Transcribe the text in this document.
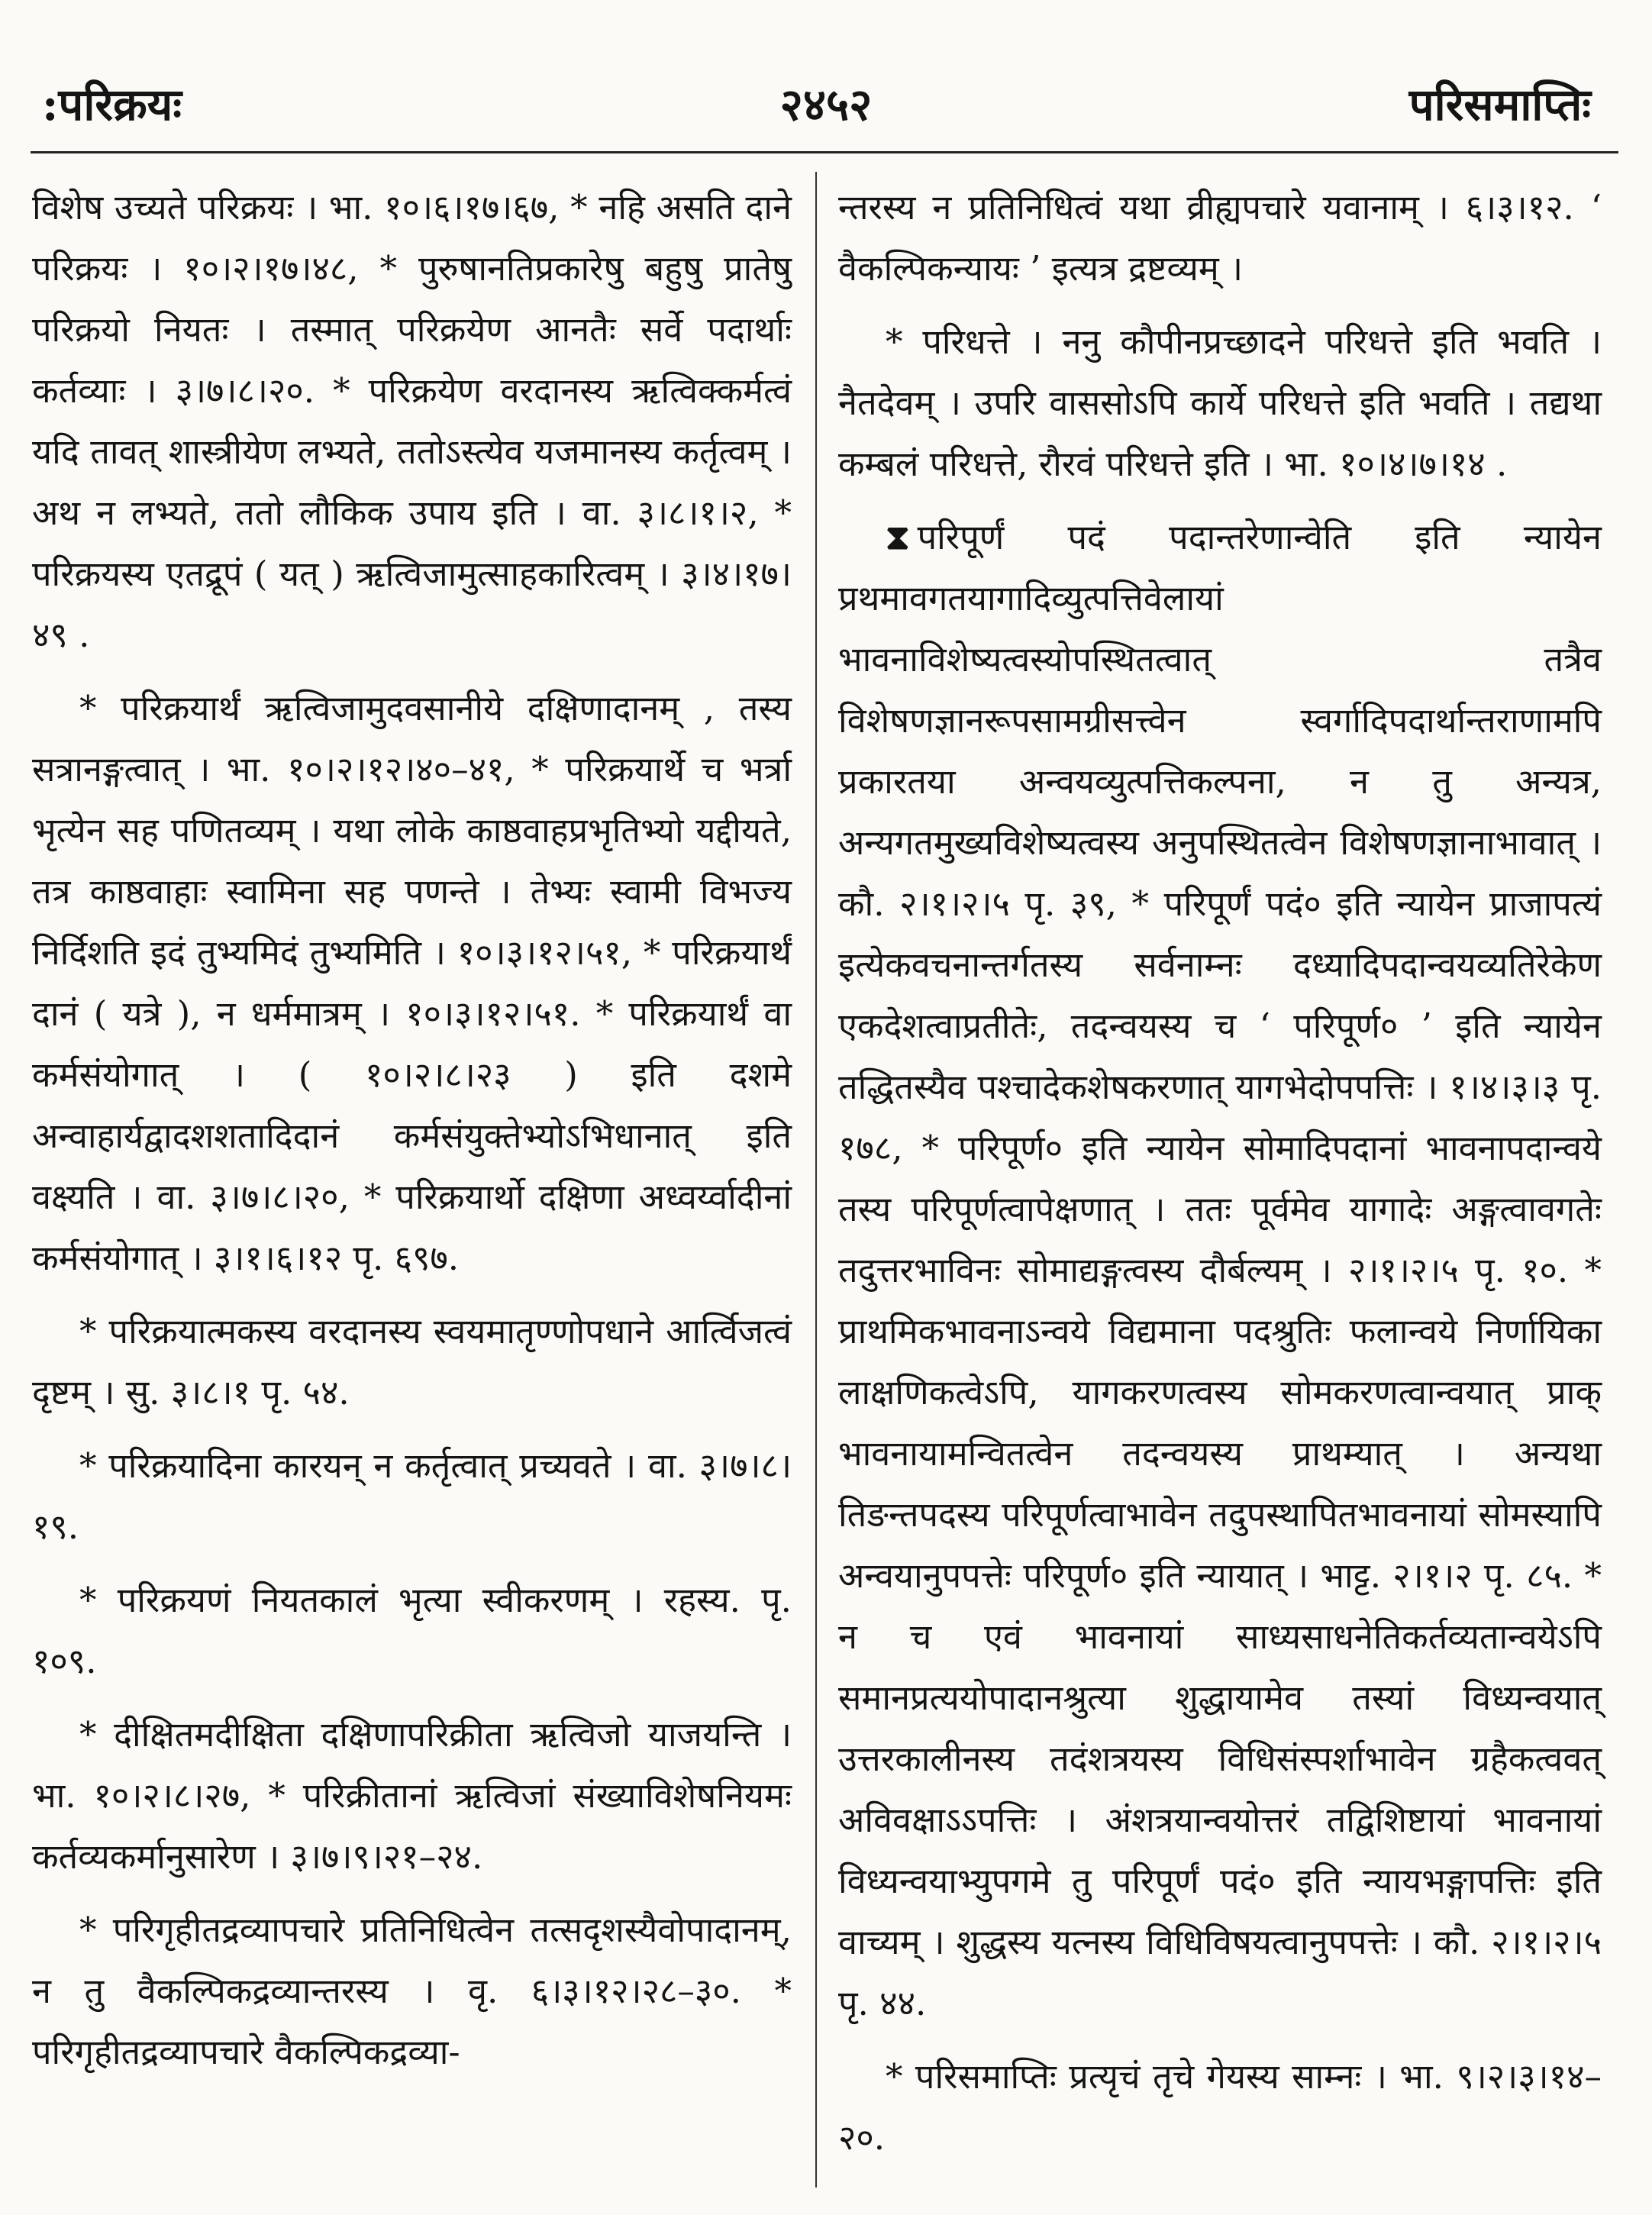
२४५२
:परिक्रयः	परिसमाप्तिः

विशेष उच्यते परिक्रयः । भा. १०।६।१७।६७, * नहि असति दाने परिक्रयः । १०।२।१७।४८, * पुरुषानतिप्रकारेषु बहुषु प्रातेषु परिक्रयो नियतः । तस्मात् परिक्रयेण आनतैः सर्वे पदार्थाः कर्तव्याः । ३।७।८।२०. * परिक्रयेण वरदानस्य ऋत्विक्कर्मत्वं यदि तावत् शास्त्रीयेण लभ्यते, ततोऽस्त्येव यजमानस्य कर्तृत्वम् । अथ न लभ्यते, ततो लौकिक उपाय इति । वा. ३।८।१।२, * परिक्रयस्य एतद्रूपं ( यत् ) ऋत्विजामुत्साहकारित्वम् । ३।४।१७।४९ .

* परिक्रयार्थं ऋत्विजामुदवसानीये दक्षिणादानम् , तस्य सत्रानङ्गत्वात् । भा. १०।२।१२।४०–४१, * परिक्रयार्थे च भर्त्रा भृत्येन सह पणितव्यम् । यथा लोके काष्ठवाहप्रभृतिभ्यो यद्दीयते, तत्र काष्ठवाहाः स्वामिना सह पणन्ते । तेभ्यः स्वामी विभज्य निर्दिशति इदं तुभ्यमिदं तुभ्यमिति । १०।३।१२।५१, * परिक्रयार्थं दानं ( यत्रे ), न धर्ममात्रम् । १०।३।१२।५१. * परिक्रयार्थं वा कर्मसंयोगात् । ( १०।२।८।२३ ) इति दशमे अन्वाहार्यद्वादशशतादिदानं कर्मसंयुक्तेभ्योऽभिधानात् इति वक्ष्यति । वा. ३।७।८।२०, * परिक्रयार्थो दक्षिणा अध्वर्य्वादीनां कर्मसंयोगात् । ३।१।६।१२ पृ. ६९७.

* परिक्रयात्मकस्य वरदानस्य स्वयमातृण्णोपधाने आर्त्विजत्वं दृष्टम् । सु. ३।८।१ पृ. ५४.

* परिक्रयादिना कारयन् न कर्तृत्वात् प्रच्यवते । वा. ३।७।८।१९.

* परिक्रयणं नियतकालं भृत्या स्वीकरणम् । रहस्य. पृ. १०९.

* दीक्षितमदीक्षिता दक्षिणापरिक्रीता ऋत्विजो याजयन्ति । भा. १०।२।८।२७, * परिक्रीतानां ऋत्विजां संख्याविशेषनियमः कर्तव्यकर्मानुसारेण । ३।७।९।२१–२४.

* परिगृहीतद्रव्यापचारे प्रतिनिधित्वेन तत्सदृशस्यैवोपादानम्, न तु वैकल्पिकद्रव्यान्तरस्य । वृ. ६।३।१२।२८–३०. * परिगृहीतद्रव्यापचारे वैकल्पिकद्रव्या-

न्तरस्य न प्रतिनिधित्वं यथा व्रीह्यपचारे यवानाम् । ६।३।१२. ‘ वैकल्पिकन्यायः ’ इत्यत्र द्रष्टव्यम् ।

* परिधत्ते । ननु कौपीनप्रच्छादने परिधत्ते इति भवति । नैतदेवम् । उपरि वाससोऽपि कार्ये परिधत्ते इति भवति । तद्यथा कम्बलं परिधत्ते, रौरवं परिधत्ते इति । भा. १०।४।७।१४ .

⧗ परिपूर्णं पदं पदान्तरेणान्वेति इति न्यायेन प्रथमावगतयागादिव्युत्पत्तिवेलायां भावनाविशेष्यत्वस्योपस्थितत्वात् तत्रैव विशेषणज्ञानरूपसामग्रीसत्त्वेन स्वर्गादिपदार्थान्तराणामपि प्रकारतया अन्वयव्युत्पत्तिकल्पना, न तु अन्यत्र, अन्यगतमुख्यविशेष्यत्वस्य अनुपस्थितत्वेन विशेषणज्ञानाभावात् । कौ. २।१।२।५ पृ. ३९, * परिपूर्णं पदं० इति न्यायेन प्राजापत्यं इत्येकवचनान्तर्गतस्य सर्वनाम्नः दध्यादिपदान्वयव्यतिरेकेण एकदेशत्वाप्रतीतेः, तदन्वयस्य च ‘ परिपूर्ण० ’ इति न्यायेन तद्धितस्यैव पश्चादेकशेषकरणात् यागभेदोपपत्तिः । १।४।३।३ पृ. १७८, * परिपूर्ण० इति न्यायेन सोमादिपदानां भावनापदान्वये तस्य परिपूर्णत्वापेक्षणात् । ततः पूर्वमेव यागादेः अङ्गत्वावगतेः तदुत्तरभाविनः सोमाद्यङ्गत्वस्य दौर्बल्यम् । २।१।२।५ पृ. १०. * प्राथमिकभावनाऽन्वये विद्यमाना पदश्रुतिः फलान्वये निर्णायिका लाक्षणिकत्वेऽपि, यागकरणत्वस्य सोमकरणत्वान्वयात् प्राक् भावनायामन्वितत्वेन तदन्वयस्य प्राथम्यात् । अन्यथा तिङन्तपदस्य परिपूर्णत्वाभावेन तदुपस्थापितभावनायां सोमस्यापि अन्वयानुपपत्तेः परिपूर्ण० इति न्यायात् । भाट्ट. २।१।२ पृ. ८५. * न च एवं भावनायां साध्यसाधनेतिकर्तव्यतान्वयेऽपि समानप्रत्ययोपादानश्रुत्या शुद्धायामेव तस्यां विध्यन्वयात् उत्तरकालीनस्य तदंशत्रयस्य विधिसंस्पर्शाभावेन ग्रहैकत्ववत् अविवक्षाऽऽपत्तिः । अंशत्रयान्वयोत्तरं तद्विशिष्टायां भावनायां विध्यन्वयाभ्युपगमे तु परिपूर्णं पदं० इति न्यायभङ्गापत्तिः इति वाच्यम् । शुद्धस्य यत्नस्य विधिविषयत्वानुपपत्तेः । कौ. २।१।२।५ पृ. ४४.

* परिसमाप्तिः प्रत्यृचं तृचे गेयस्य साम्नः । भा. ९।२।३।१४–२०.
